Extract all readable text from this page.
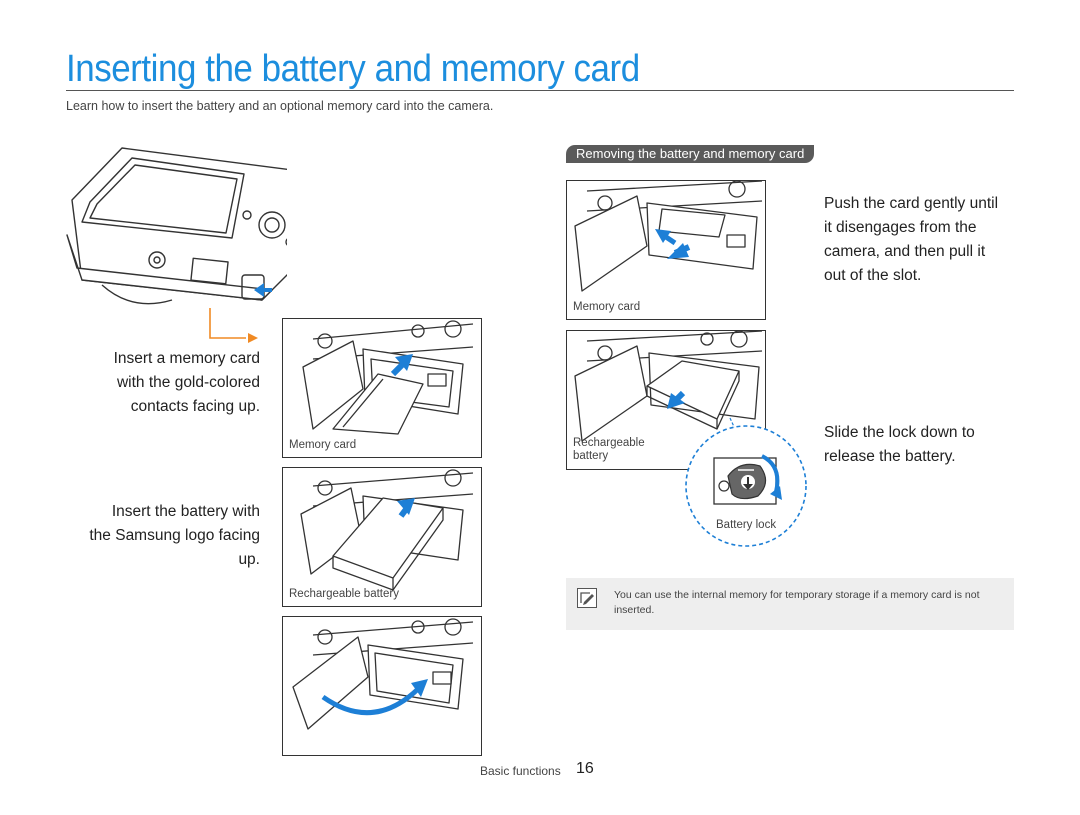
Inserting the battery and memory card
Learn how to insert the battery and an optional memory card into the camera.
Insert a memory card
with the gold-colored
contacts facing up.
Insert the battery with
the Samsung logo facing
up.
Memory card
Rechargeable battery
Removing the battery and memory card
Memory card
Push the card gently until
it disengages from the
camera, and then pull it
out of the slot.
Rechargeable
battery
Battery lock
Slide the lock down to
release the battery.
You can use the internal memory for temporary storage if a memory card is not inserted.
Basic functions 16
